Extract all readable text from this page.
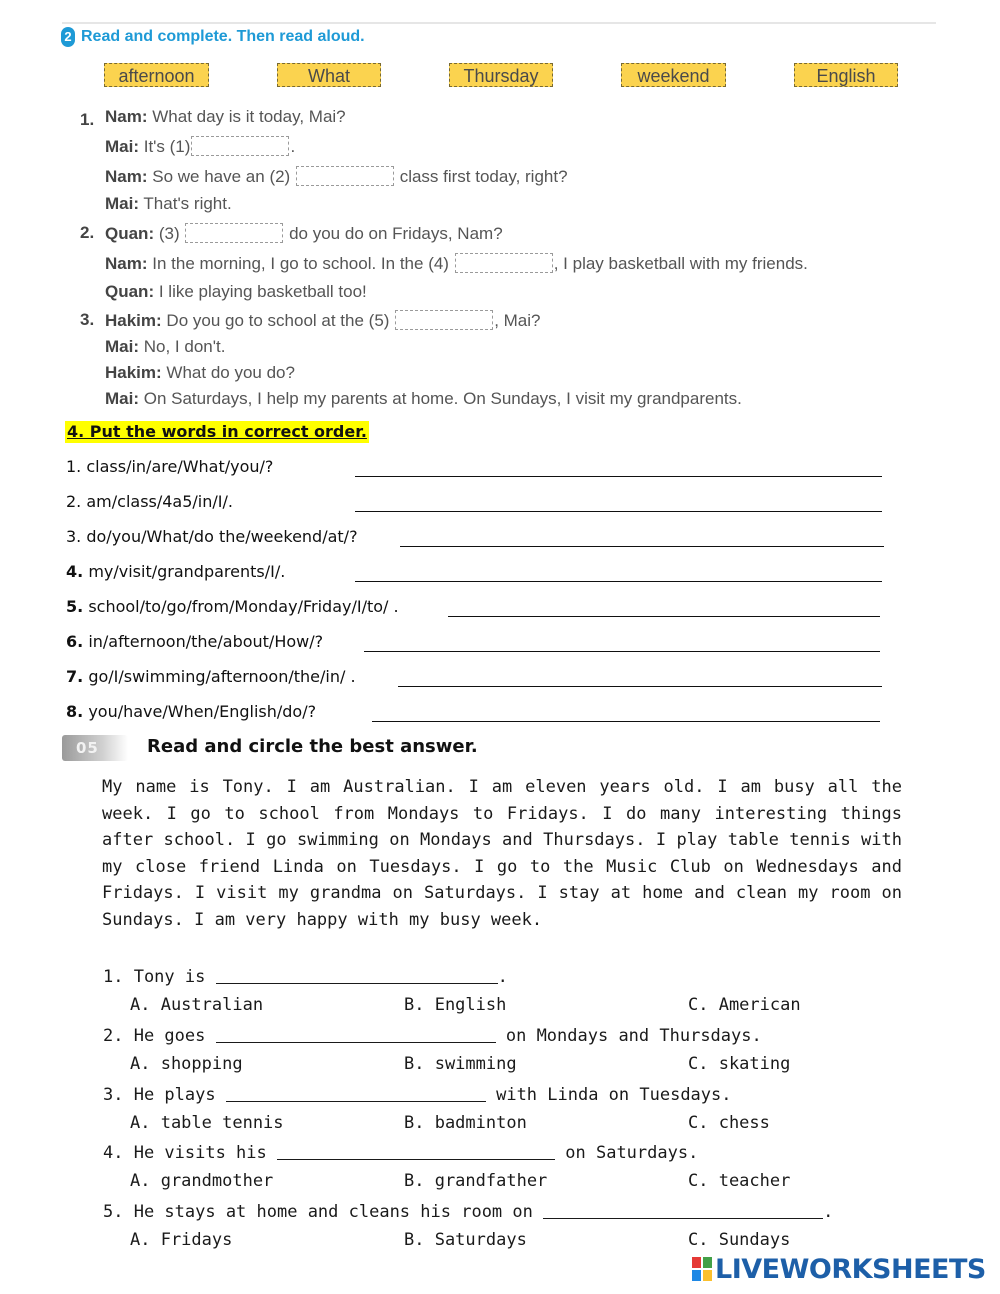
2 Read and complete. Then read aloud.
afternoon	What	Thursday	weekend	English
1. Nam: What day is it today, Mai?
Mai: It's (1)	.
Nam: So we have an (2)	class first today, right?
Mai: That's right.
2. Quan: (3)	do you do on Fridays, Nam?
Nam: In the morning, I go to school. In the (4)	, I play basketball with my friends.
Quan: I like playing basketball too!
3. Hakim: Do you go to school at the (5)	, Mai?
Mai: No, I don't.
Hakim: What do you do?
Mai: On Saturdays, I help my parents at home. On Sundays, I visit my grandparents.
4. Put the words in correct order.
1. class/in/are/What/you/?
2. am/class/4a5/in/I/.
3. do/you/What/do the/weekend/at/?
4. my/visit/grandparents/I/.
5. school/to/go/from/Monday/Friday/I/to/ .
6. in/afternoon/the/about/How/?
7. go/I/swimming/afternoon/the/in/ .
8. you/have/When/English/do/?
05	Read and circle the best answer.
My name is Tony. I am Australian. I am eleven years old. I am busy all the week. I go to school from Mondays to Fridays. I do many interesting things after school. I go swimming on Mondays and Thursdays. I play table tennis with my close friend Linda on Tuesdays. I go to the Music Club on Wednesdays and Fridays. I visit my grandma on Saturdays. I stay at home and clean my room on Sundays. I am very happy with my busy week.
1. Tony is	.
A. Australian	B. English	C. American
2. He goes	on Mondays and Thursdays.
A. shopping	B. swimming	C. skating
3. He plays	with Linda on Tuesdays.
A. table tennis	B. badminton	C. chess
4. He visits his	on Saturdays.
A. grandmother	B. grandfather	C. teacher
5. He stays at home and cleans his room on	.
A. Fridays	B. Saturdays	C. Sundays
LIVEWORKSHEETS
